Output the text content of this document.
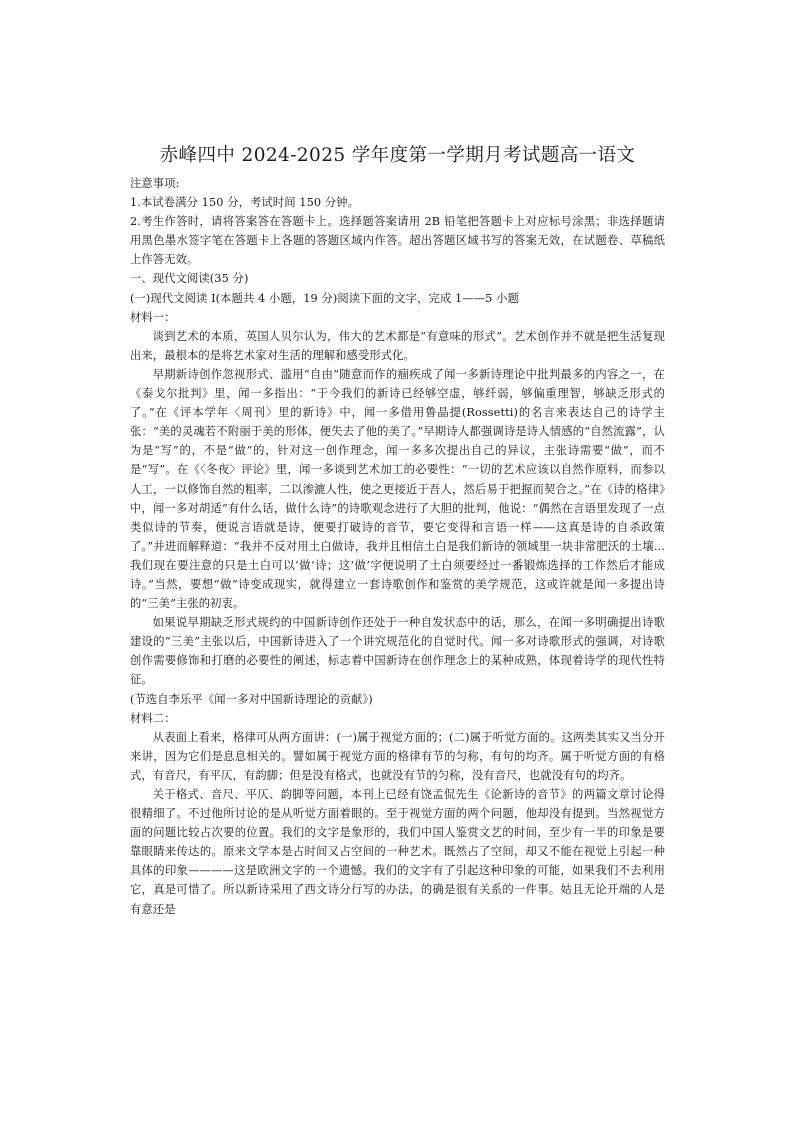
赤峰四中 2024-2025 学年度第一学期月考试题高一语文

注意事项:

1.本试卷满分 150 分，考试时间 150 分钟。

2.考生作答时，请将答案答在答题卡上。选择题答案请用 2B 铅笔把答题卡上对应标号涂黑；非选择题请用黑色墨水签字笔在答题卡上各题的答题区域内作答。超出答题区域书写的答案无效，在试题卷、草稿纸上作答无效。

一、现代文阅读(35 分)

(一)现代文阅读 I(本题共 4 小题，19 分)阅读下面的文字，完成 1——5 小题

材料一：

谈到艺术的本质，英国人贝尔认为，伟大的艺术都是“有意味的形式”。艺术创作并不就是把生活复现出来，最根本的是将艺术家对生活的理解和感受形式化。

早期新诗创作忽视形式、滥用“自由”随意而作的痼疾成了闻一多新诗理论中批判最多的内容之一，在《泰戈尔批判》里，闻一多指出：“于今我们的新诗已经够空虚，够纤弱，够偏重理智，够缺乏形式的了。”在《评本学年〈周刊〉里的新诗》中，闻一多借用鲁晶提(Rossetti)的名言来表达自己的诗学主张：“美的灵魂若不附丽于美的形体，便失去了他的美了。”早期诗人都强调诗是诗人情感的“自然流露”，认为是“写”的，不是“做”的，针对这一创作理念，闻一多多次提出自己的异议，主张诗需要“做”，而不是“写”。在《〈冬夜〉评论》里，闻一多谈到艺术加工的必要性：“一切的艺术应该以自然作原料，而参以人工，一以修饰自然的粗率，二以渗漉人性，使之更接近于吾人，然后易于把握而契合之。”在《诗的格律》中，闻一多对胡适“有什么话，做什么诗”的诗歌观念进行了大胆的批判，他说：“偶然在言语里发现了一点类似诗的节奏，便说言语就是诗，便要打破诗的音节，要它变得和言语一样——这真是诗的自杀政策了。”并进而解释道：“我并不反对用土白做诗，我并且相信土白是我们新诗的领域里一块非常肥沃的土壤...我们现在要注意的只是土白可以‘做’诗；这‘做’字便说明了土白须要经过一番锻炼选择的工作然后才能成诗。”当然，要想“做”诗变成现实，就得建立一套诗歌创作和鉴赏的美学规范，这或许就是闻一多提出诗的“三美”主张的初衷。

如果说早期缺乏形式规约的中国新诗创作还处于一种自发状态中的话，那么，在闻一多明确提出诗歌建设的“三美”主张以后，中国新诗进入了一个讲究规范化的自觉时代。闻一多对诗歌形式的强调，对诗歌创作需要修饰和打磨的必要性的阐述，标志着中国新诗在创作理念上的某种成熟，体现着诗学的现代性特征。

(节选自李乐平《闻一多对中国新诗理论的贡献》)

材料二：

从表面上看来，格律可从两方面讲：(一)属于视觉方面的；(二)属于听觉方面的。这两类其实又当分开来讲，因为它们是息息相关的。譬如属于视觉方面的格律有节的匀称，有句的均齐。属于听觉方面的有格式，有音尺，有平仄，有韵脚；但是没有格式，也就没有节的匀称，没有音尺，也就没有句的均齐。

关于格式、音尺、平仄、韵脚等问题，本刊上已经有饶孟侃先生《论新诗的音节》的两篇文章讨论得很精细了。不过他所讨论的是从听觉方面着眼的。至于视觉方面的两个问题，他却没有提到。当然视觉方面的问题比较占次要的位置。我们的文字是象形的，我们中国人鉴赏文艺的时间，至少有一半的印象是要靠眼睛来传达的。原来文学本是占时间又占空间的一种艺术。既然占了空间，却又不能在视觉上引起一种具体的印象————这是欧洲文字的一个遗憾。我们的文字有了引起这种印象的可能，如果我们不去利用它，真是可惜了。所以新诗采用了西文诗分行写的办法，的确是很有关系的一件事。姑且无论开端的人是有意还是
